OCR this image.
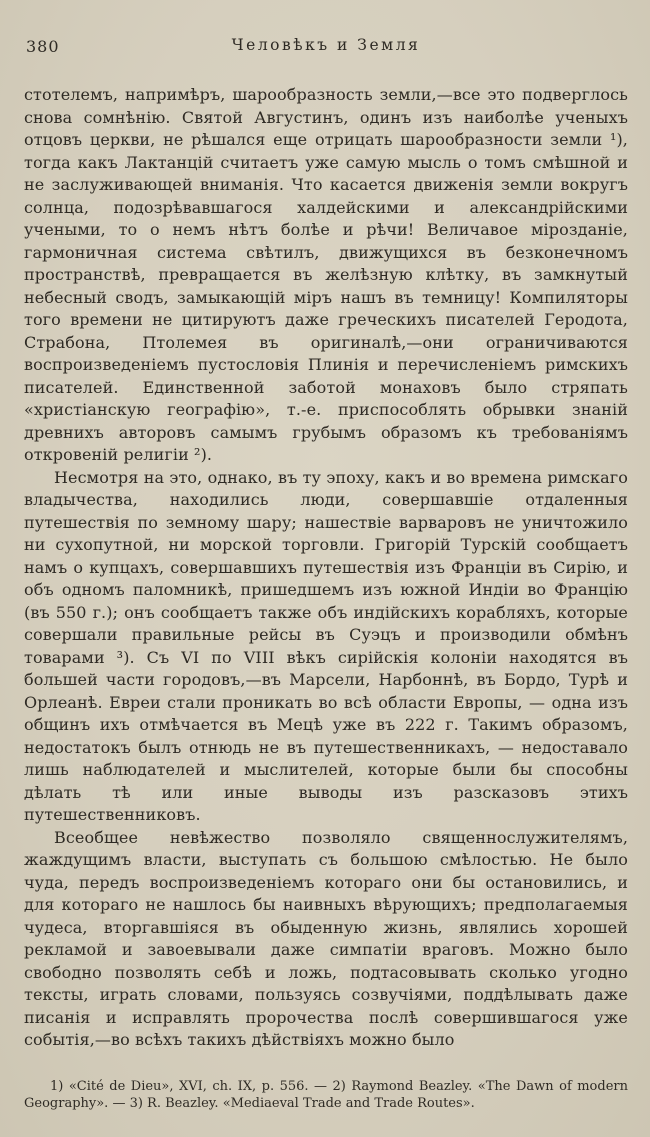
380	Человѣкъ и Земля

стотелемъ, напримѣръ, шарообразность земли,—все это подверглось снова сомнѣнію. Святой Августинъ, одинъ изъ наиболѣе ученыхъ отцовъ церкви, не рѣшался еще отрицать шарообразности земли ¹), тогда какъ Лактанцій считаетъ уже самую мысль о томъ смѣшной и не заслуживающей вниманія. Что касается движенія земли вокругъ солнца, подозрѣвавшагося халдейскими и александрійскими учеными, то о немъ нѣтъ болѣе и рѣчи! Величавое мірозданіе, гармоничная система свѣтилъ, движущихся въ безконечномъ пространствѣ, превращается въ желѣзную клѣтку, въ замкнутый небесный сводъ, замыкающій міръ нашъ въ темницу! Компиляторы того времени не цитируютъ даже греческихъ писателей Геродота, Страбона, Птолемея въ оригиналѣ,—они ограничиваются воспроизведеніемъ пустословія Плинія и перечисленіемъ римскихъ писателей. Единственной заботой монаховъ было стряпать «христіанскую географію», т.-е. приспособлять обрывки знаній древнихъ авторовъ самымъ грубымъ образомъ къ требованіямъ откровеній религіи ²).

Несмотря на это, однако, въ ту эпоху, какъ и во времена римскаго владычества, находились люди, совершавшіе отдаленныя путешествія по земному шару; нашествіе варваровъ не уничтожило ни сухопутной, ни морской торговли. Григорій Турскій сообщаетъ намъ о купцахъ, совершавшихъ путешествія изъ Франціи въ Сирію, и объ одномъ паломникѣ, пришедшемъ изъ южной Индіи во Францію (въ 550 г.); онъ сообщаетъ также объ индійскихъ корабляхъ, которые совершали правильные рейсы въ Суэцъ и производили обмѣнъ товарами ³). Съ VI по VIII вѣкъ сирійскія колоніи находятся въ большей части городовъ,—въ Марсели, Нарбоннѣ, въ Бордо, Турѣ и Орлеанѣ. Евреи стали проникать во всѣ области Европы, — одна изъ общинъ ихъ отмѣчается въ Мецѣ уже въ 222 г. Такимъ образомъ, недостатокъ былъ отнюдь не въ путешественникахъ, — недоставало лишь наблюдателей и мыслителей, которые были бы способны дѣлать тѣ или иные выводы изъ разсказовъ этихъ путешественниковъ.

Всеобщее невѣжество позволяло священнослужителямъ, жаждущимъ власти, выступать съ большою смѣлостью. Не было чуда, передъ воспроизведеніемъ котораго они бы остановились, и для котораго не нашлось бы наивныхъ вѣрующихъ; предполагаемыя чудеса, вторгавшіяся въ обыденную жизнь, являлись хорошей рекламой и завоевывали даже симпатіи враговъ. Можно было свободно позволять себѣ и ложь, подтасовывать сколько угодно тексты, играть словами, пользуясь созвучіями, поддѣлывать даже писанія и исправлять пророчества послѣ совершившагося уже событія,—во всѣхъ такихъ дѣйствіяхъ можно было

1) «Cité de Dieu», XVI, ch. IX, p. 556. — 2) Raymond Beazley. «The Dawn of modern Geography». — 3) R. Beazley. «Mediaeval Trade and Trade Routes».
